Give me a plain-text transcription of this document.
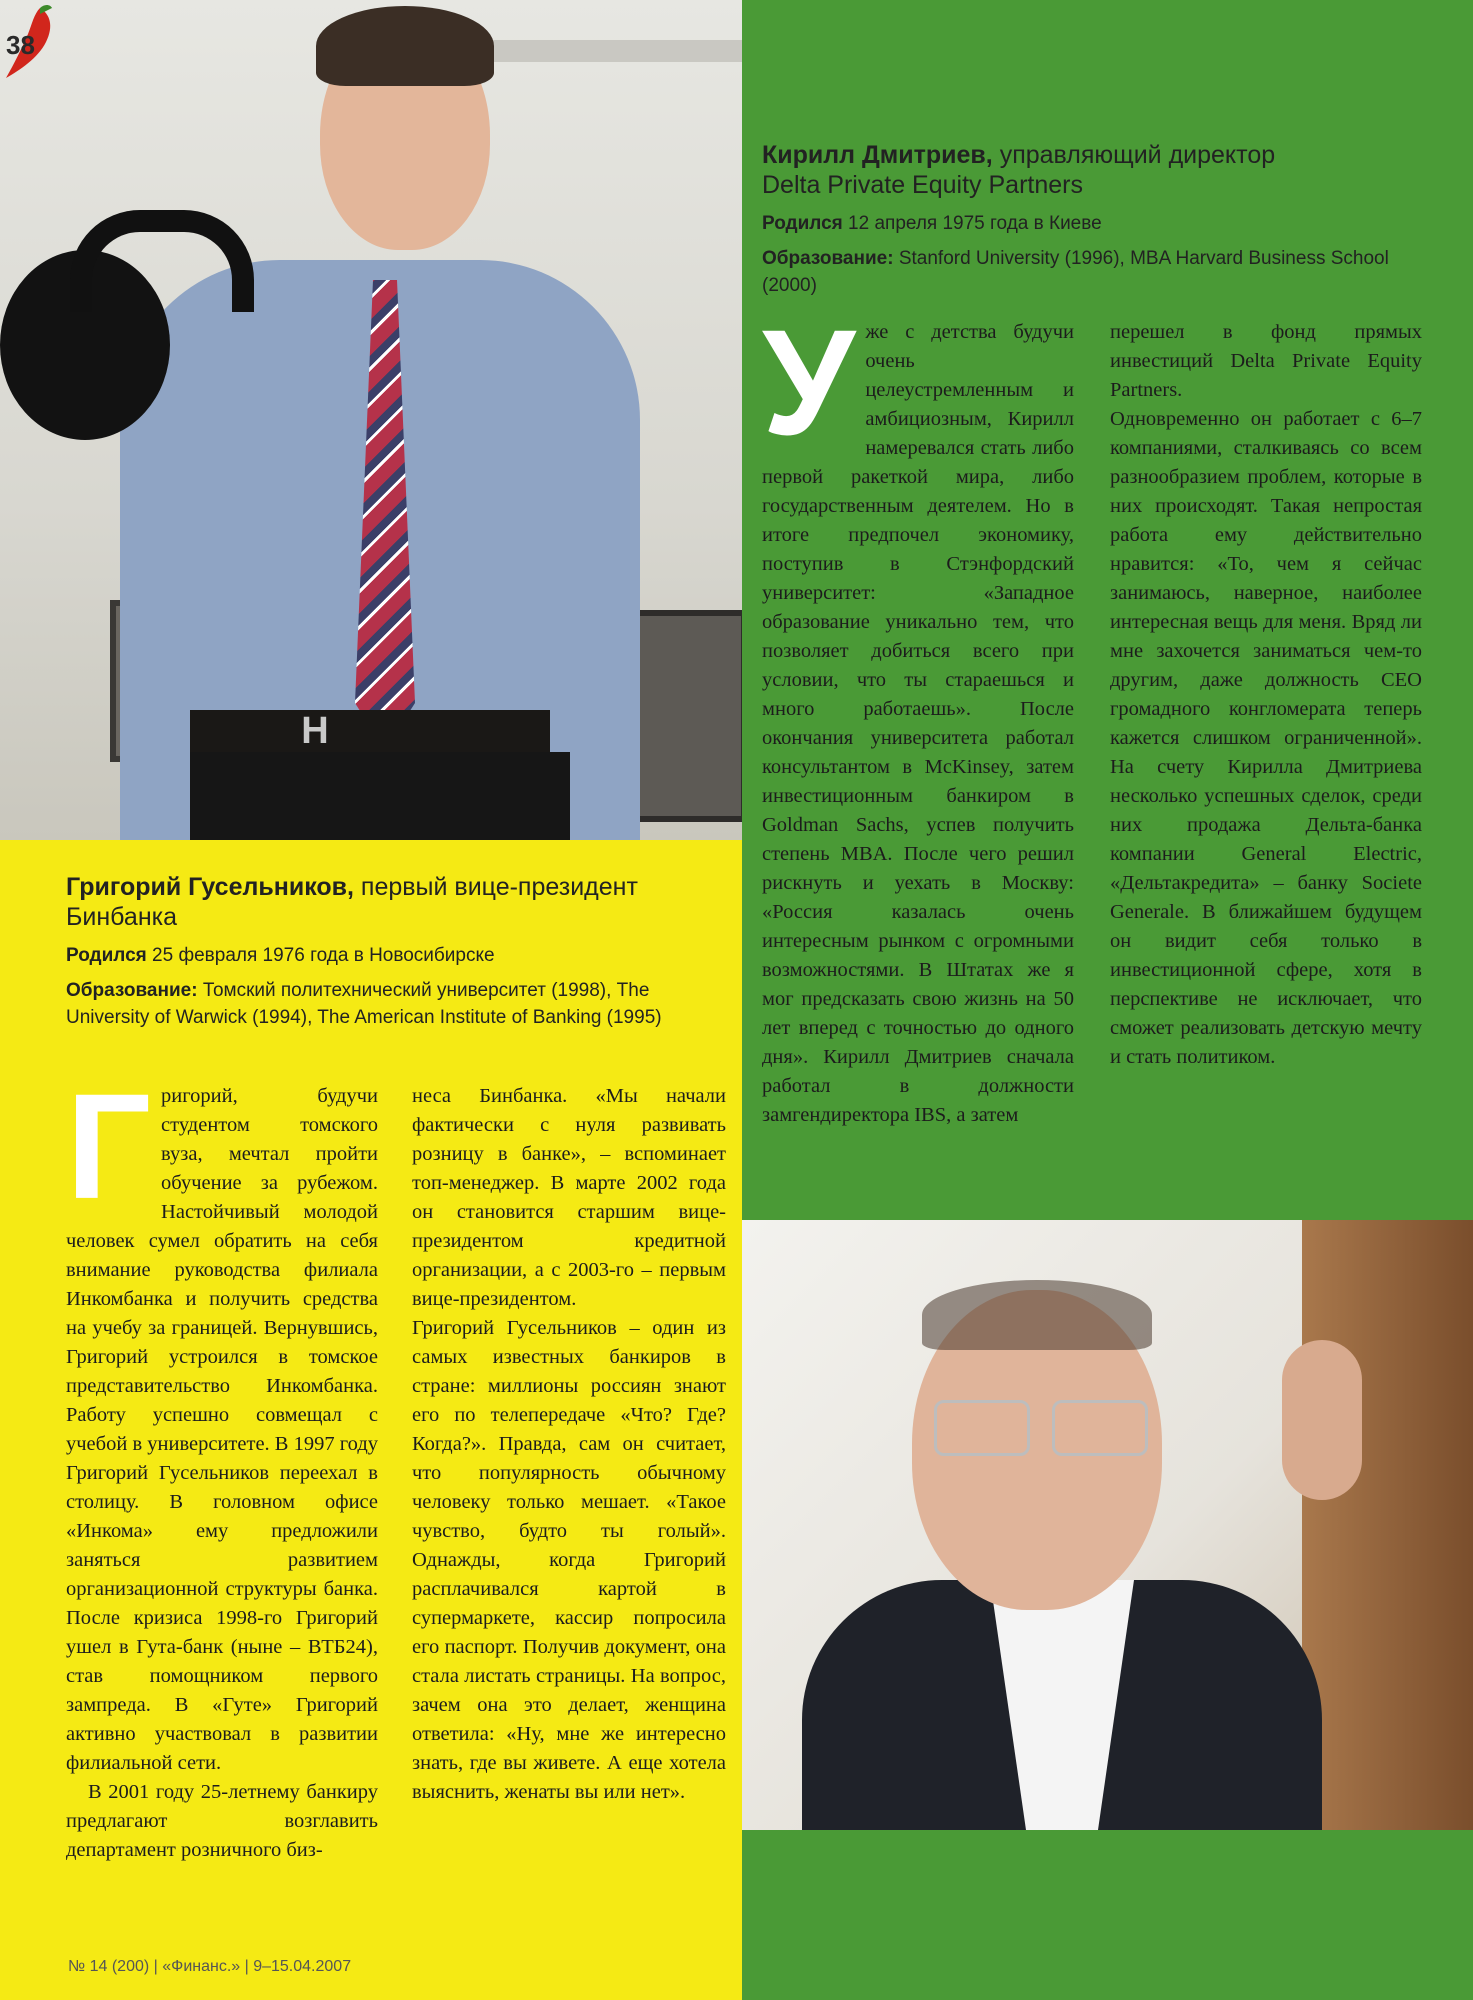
H
38
Григорий Гусельников, первый вице-президент
Бинбанка
Родился 25 февраля 1976 года в Новосибирске
Образование: Томский политехнический университет (1998), The University of Warwick (1994), The American Institute of Banking (1995)
Г ригорий, будучи студентом томского вуза, мечтал пройти обучение за рубежом. Настойчивый молодой человек сумел обратить на себя внимание руководства филиала Инкомбанка и получить средства на учебу за границей. Вернувшись, Григорий устроился в томское представительство Инкомбанка. Работу успешно совмещал с учебой в университете. В 1997 году Григорий Гусельников переехал в столицу. В головном офисе «Инкома» ему предложили заняться развитием организационной структуры банка. После кризиса 1998-го Григорий ушел в Гута-банк (ныне – ВТБ24), став помощником первого зампреда. В «Гуте» Григорий активно участвовал в развитии филиальной сети.

В 2001 году 25-летнему банкиру предлагают возглавить департамент розничного биз-

неса Бинбанка. «Мы начали фактически с нуля развивать розницу в банке», – вспоминает топ-менеджер. В марте 2002 года он становится старшим вице-президентом кредитной организации, а с 2003-го – первым вице-президентом.

Григорий Гусельников – один из самых известных банкиров в стране: миллионы россиян знают его по телепередаче «Что? Где? Когда?». Правда, сам он считает, что популярность обычному человеку только мешает. «Такое чувство, будто ты голый». Однажды, когда Григорий расплачивался картой в супермаркете, кассир попросила его паспорт. Получив документ, она стала листать страницы. На вопрос, зачем она это делает, женщина ответила: «Ну, мне же интересно знать, где вы живете. А еще хотела выяснить, женаты вы или нет».

№ 14 (200) | «Финанс.» | 9–15.04.2007
Кирилл Дмитриев, управляющий директор
Delta Private Equity Partners
Родился 12 апреля 1975 года в Киеве
Образование: Stanford University (1996), MBA Harvard Business School (2000)
У же с детства будучи очень целеустремленным и амбициозным, Кирилл намеревался стать либо первой ракеткой мира, либо государственным деятелем. Но в итоге предпочел экономику, поступив в Стэнфордский университет: «Западное образование уникально тем, что позволяет добиться всего при условии, что ты стараешься и много работаешь». После окончания университета работал консультантом в McKinsey, затем инвестиционным банкиром в Goldman Sachs, успев получить степень MBA. После чего решил рискнуть и уехать в Москву: «Россия казалась очень интересным рынком с огромными возможностями. В Штатах же я мог предсказать свою жизнь на 50 лет вперед с точностью до одного дня». Кирилл Дмитриев сначала работал в должности замгендиректора IBS, а затем

перешел в фонд прямых инвестиций Delta Private Equity Partners.

Одновременно он работает с 6–7 компаниями, сталкиваясь со всем разнообразием проблем, которые в них происходят. Такая непростая работа ему действительно нравится: «То, чем я сейчас занимаюсь, наверное, наиболее интересная вещь для меня. Вряд ли мне захочется заниматься чем-то другим, даже должность CEO громадного конгломерата теперь кажется слишком ограниченной». На счету Кирилла Дмитриева несколько успешных сделок, среди них продажа Дельта-банка компании General Electric, «Дельтакредита» – банку Societe Generale. В ближайшем будущем он видит себя только в инвестиционной сфере, хотя в перспективе не исключает, что сможет реализовать детскую мечту и стать политиком.
